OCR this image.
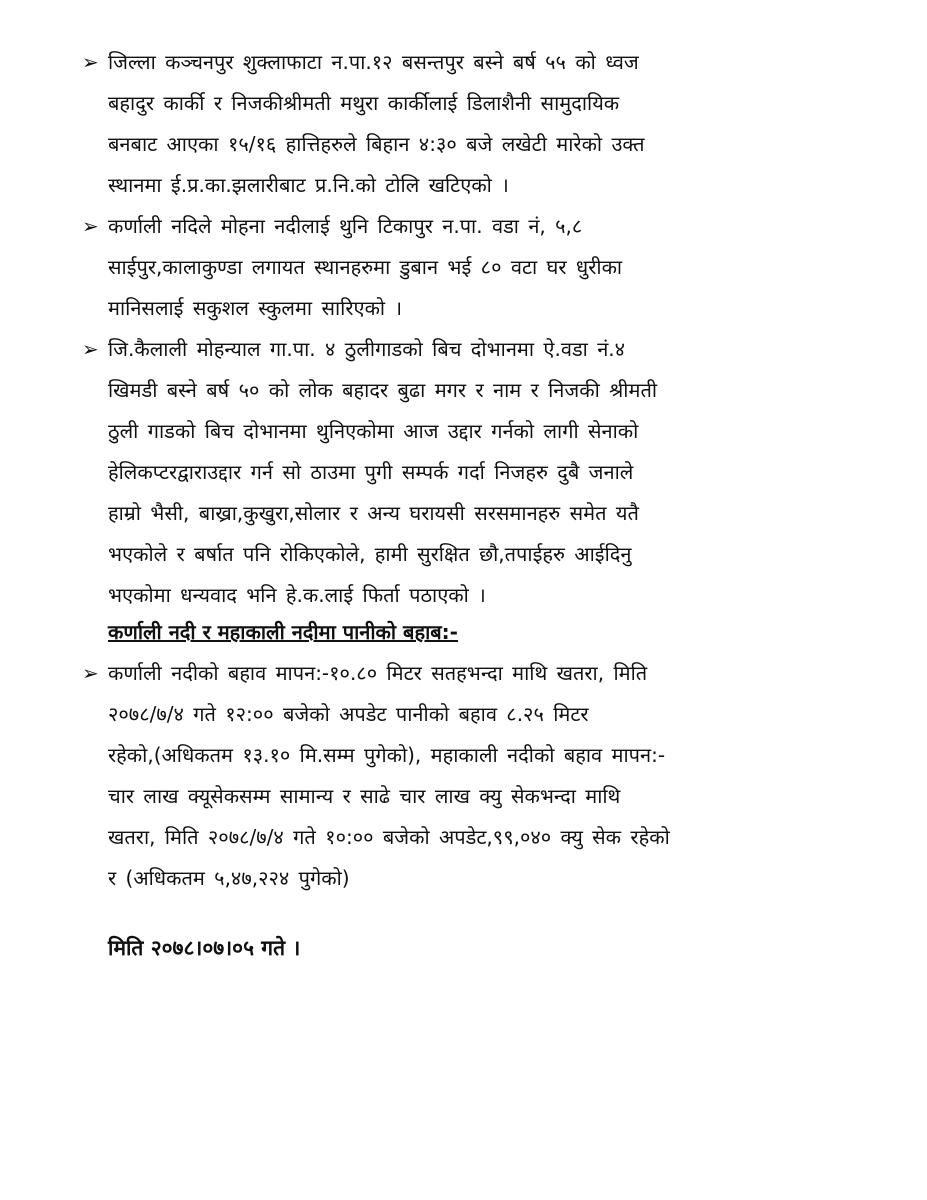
➢ जिल्ला कञ्चनपुर शुक्लाफाटा न.पा.१२ बसन्तपुर बस्ने बर्ष ५५ को ध्वज
बहादुर कार्की र निजकीश्रीमती मथुरा कार्कीलाई डिलाशैनी सामुदायिक
बनबाट आएका १५/१६ हात्तिहरुले बिहान ४:३० बजे लखेटी मारेको उक्त
स्थानमा ई.प्र.का.झलारीबाट प्र.नि.को टोलि खटिएको ।
➢ कर्णाली नदिले मोहना नदीलाई थुनि टिकापुर न.पा. वडा नं, ५,८
साईपुर,कालाकुण्डा लगायत स्थानहरुमा डुबान भई ८० वटा घर धुरीका
मानिसलाई सकुशल स्कुलमा सारिएको ।
➢ जि.कैलाली मोहन्याल गा.पा. ४ ठुलीगाडको बिच दोभानमा ऐ.वडा नं.४
खिमडी बस्ने बर्ष ५० को लोक बहादर बुढा मगर र नाम र निजकी श्रीमती
ठुली गाडको बिच दोभानमा थुनिएकोमा आज उद्दार गर्नको लागी सेनाको
हेलिकप्टरद्वाराउद्दार गर्न सो ठाउमा पुगी सम्पर्क गर्दा निजहरु दुबै जनाले
हाम्रो भैसी, बाख्रा,कुखुरा,सोलार र अन्य घरायसी सरसमानहरु समेत यतै
भएकोले र बर्षात पनि रोकिएकोले, हामी सुरक्षित छौ,तपाईहरु आईदिनु
भएकोमा धन्यवाद भनि हे.क.लाई फिर्ता पठाएको ।
कर्णाली नदी र महाकाली नदीमा पानीको बहाब:-
➢ कर्णाली नदीको बहाव मापन:-१०.८० मिटर सतहभन्दा माथि खतरा, मिति
२०७८/७/४ गते १२:०० बजेको अपडेट पानीको बहाव ८.२५ मिटर
रहेको,(अधिकतम १३.१० मि.सम्म पुगेको), महाकाली नदीको बहाव मापन:-
चार लाख क्यूसेकसम्म सामान्य र साढे चार लाख क्यु सेकभन्दा माथि
खतरा, मिति २०७८/७/४ गते १०:०० बजेको अपडेट,९९,०४० क्यु सेक रहेको
र (अधिकतम ५,४७,२२४ पुगेको)

मिति २०७८।०७।०५ गते ।
